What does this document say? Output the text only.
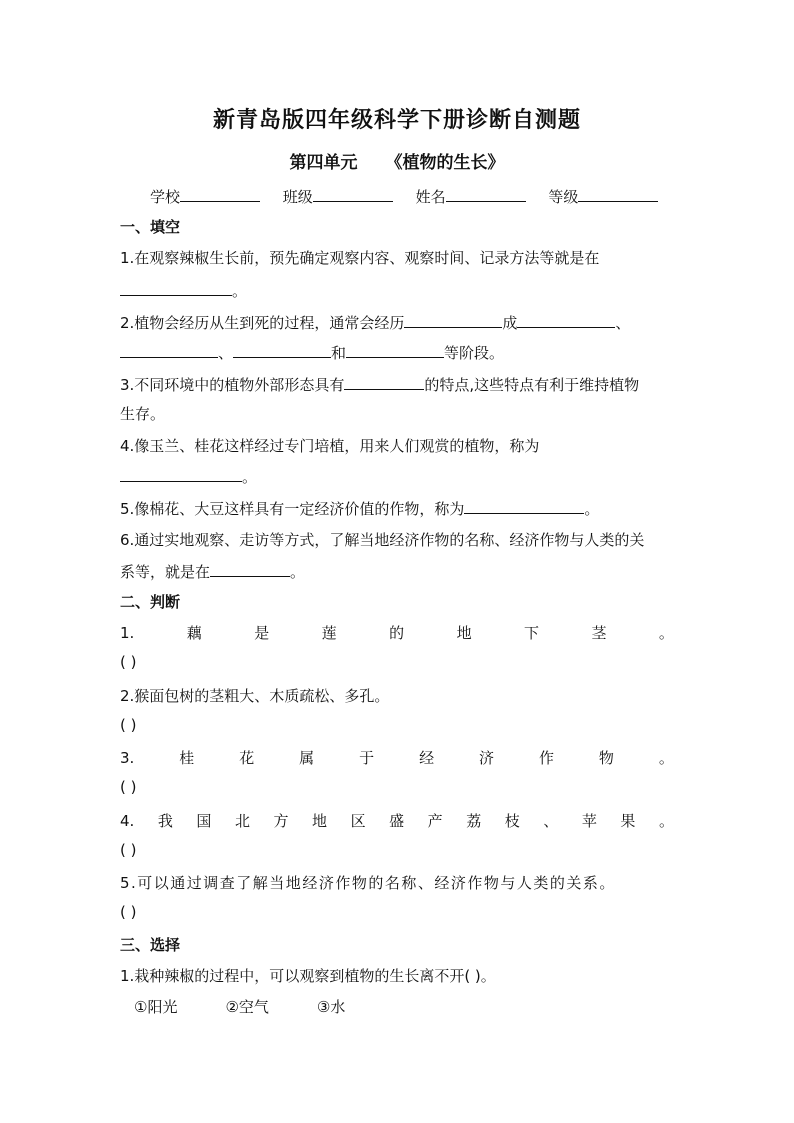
新青岛版四年级科学下册诊断自测题
第四单元 《植物的生长》
学校	班级	姓名	等级
一、填空
1.在观察辣椒生长前，预先确定观察内容、观察时间、记录方法等就是在
。
2.植物会经历从生到死的过程，通常会经历	成	、
、	和	等阶段。
3.不同环境中的植物外部形态具有	的特点,这些特点有利于维持植物
生存。
4.像玉兰、桂花这样经过专门培植，用来人们观赏的植物，称为
。
5.像棉花、大豆这样具有一定经济价值的作物，称为	。
6.通过实地观察、走访等方式，了解当地经济作物的名称、经济作物与人类的关
系等，就是在	。
二、判断
1.	藕	是	莲	的	地	下	茎	。
( )
2.猴面包树的茎粗大、木质疏松、多孔。
( )
3.	桂	花	属	于	经	济	作	物	。
( )
4. 我 国 北 方 地 区 盛 产 荔 枝 、 苹 果 。
( )
5.可以通过调查了解当地经济作物的名称、经济作物与人类的关系。
( )
三、选择
1.栽种辣椒的过程中，可以观察到植物的生长离不开( )。
①阳光	②空气	③水
